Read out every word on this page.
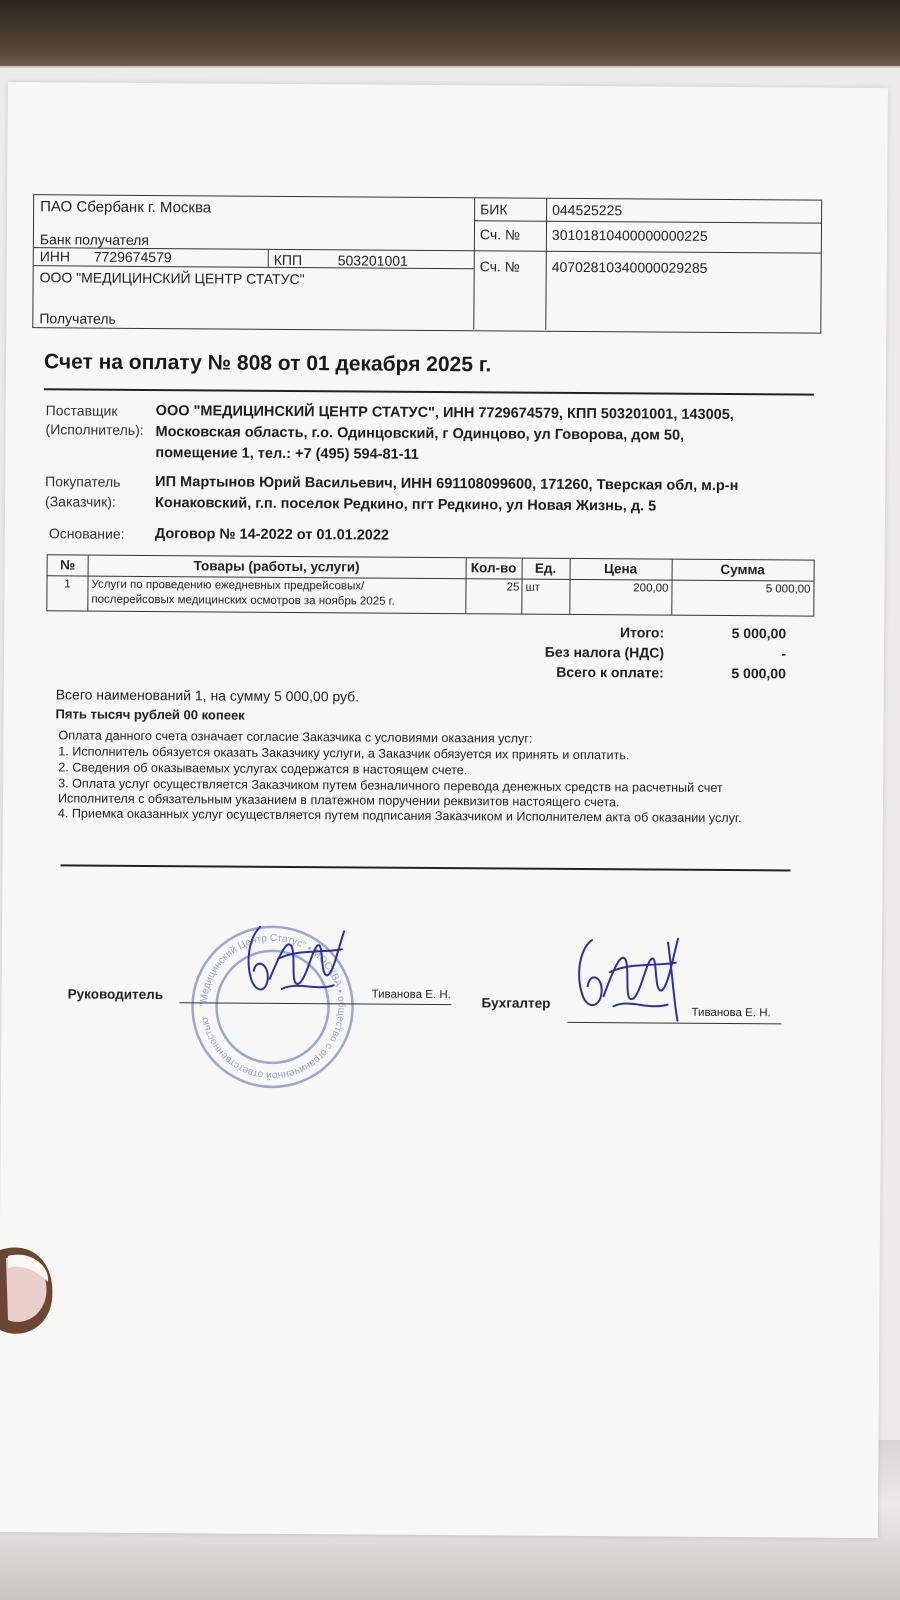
ПАО Сбербанк г. Москва
Банк получателя
БИК	044525225
Сч. № 30101810400000000225
ИНН 7729674579	КПП	503201001	Сч. № 40702810340000029285
ООО "МЕДИЦИНСКИЙ ЦЕНТР СТАТУС"
Получатель
Счет на оплату № 808 от 01 декабря 2025 г.
Поставщик
(Исполнитель):
ООО "МЕДИЦИНСКИЙ ЦЕНТР СТАТУС", ИНН 7729674579, КПП 503201001, 143005,
Московская область, г.о. Одинцовский, г Одинцово, ул Говорова, дом 50,
помещение 1, тел.: +7 (495) 594-81-11
Покупатель
(Заказчик):
ИП Мартынов Юрий Васильевич, ИНН 691108099600, 171260, Тверская обл, м.р-н
Конаковский, г.п. поселок Редкино, пгт Редкино, ул Новая Жизнь, д. 5
Основание: Договор № 14-2022 от 01.01.2022
№	Товары (работы, услуги)	Кол-во	Ед.	Цена	Сумма
1	Услуги по проведению ежедневных предрейсовых/
послерейсовых медицинских осмотров за ноябрь 2025 г.
25 шт	200,00	5 000,00
Итого:	5 000,00
Без налога (НДС)	-
Всего к оплате:	5 000,00
Всего наименований 1, на сумму 5 000,00 руб.
Пять тысяч рублей 00 копеек
Оплата данного счета означает согласие Заказчика с условиями оказания услуг:
1. Исполнитель обязуется оказать Заказчику услуги, а Заказчик обязуется их принять и оплатить.
2. Сведения об оказываемых услугах содержатся в настоящем счете.
3. Оплата услуг осуществляется Заказчиком путем безналичного перевода денежных средств на расчетный счет
Исполнителя с обязательным указанием в платежном поручении реквизитов настоящего счета.
4. Приемка оказанных услуг осуществляется путем подписания Заказчиком и Исполнителем акта об оказании услуг.
"Медицинский Центр Статус" • МОСКВА • общество с ограниченной ответственностью
Руководитель	Тиванова Е. Н.
Бухгалтер
Тиванова Е. Н.
